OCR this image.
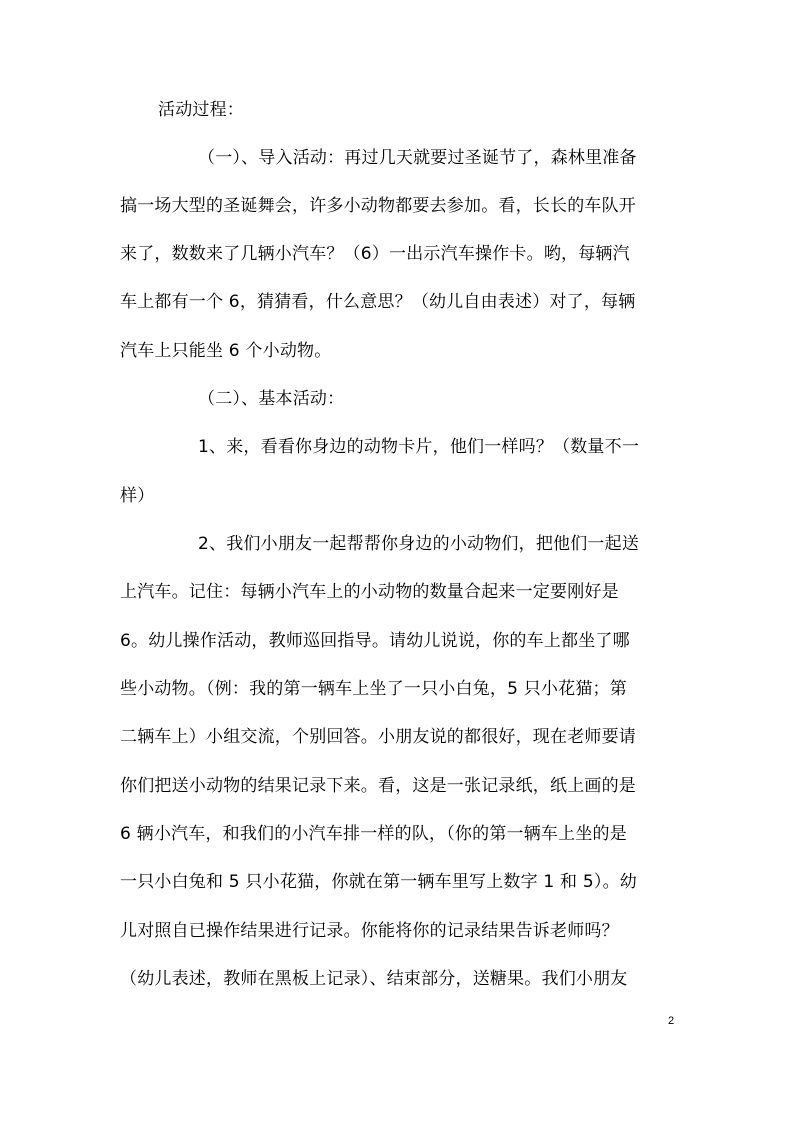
活动过程：
（一）、导入活动：再过几天就要过圣诞节了，森林里准备
搞一场大型的圣诞舞会，许多小动物都要去参加。看，长长的车队开
来了，数数来了几辆小汽车？（6）一出示汽车操作卡。哟，每辆汽
车上都有一个 6，猜猜看，什么意思？（幼儿自由表述）对了，每辆
汽车上只能坐 6 个小动物。
（二）、基本活动：
1、来，看看你身边的动物卡片，他们一样吗？（数量不一
样）
2、我们小朋友一起帮帮你身边的小动物们，把他们一起送
上汽车。记住：每辆小汽车上的小动物的数量合起来一定要刚好是
6。幼儿操作活动，教师巡回指导。请幼儿说说，你的车上都坐了哪
些小动物。（例：我的第一辆车上坐了一只小白兔，5 只小花猫；第
二辆车上）小组交流，个别回答。小朋友说的都很好，现在老师要请
你们把送小动物的结果记录下来。看，这是一张记录纸，纸上画的是
6 辆小汽车，和我们的小汽车排一样的队，（你的第一辆车上坐的是
一只小白兔和 5 只小花猫，你就在第一辆车里写上数字 1 和 5）。幼
儿对照自已操作结果进行记录。你能将你的记录结果告诉老师吗？
（幼儿表述，教师在黑板上记录）、结束部分，送糖果。我们小朋友
2
